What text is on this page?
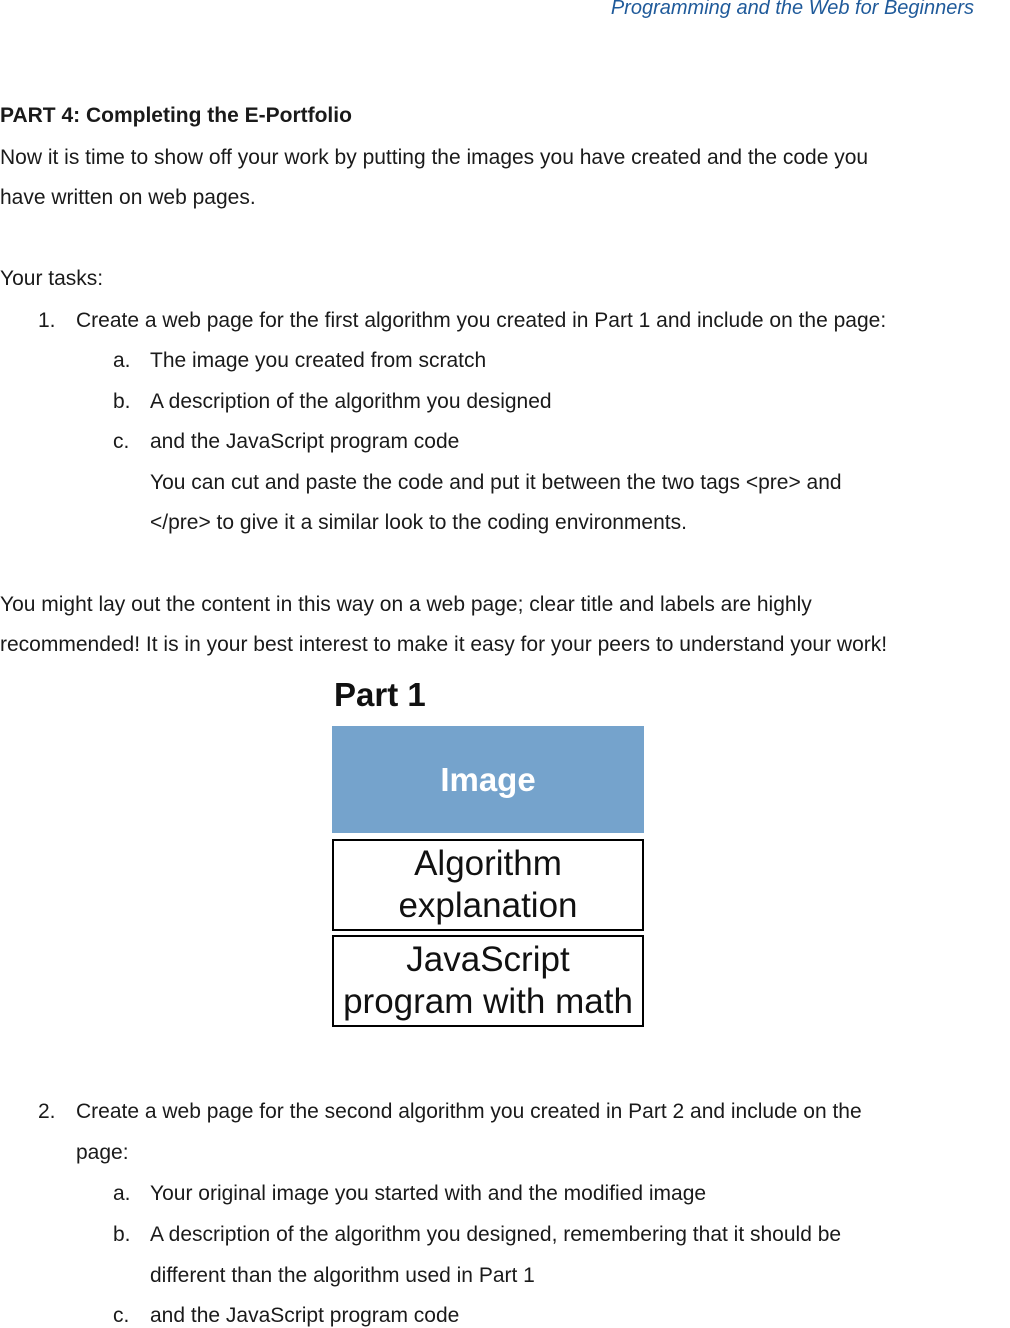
Programming and the Web for Beginners
PART 4: Completing the E-Portfolio
Now it is time to show off your work by putting the images you have created and the code you
have written on web pages.
Your tasks:
1. Create a web page for the first algorithm you created in Part 1 and include on the page:
a. The image you created from scratch
b. A description of the algorithm you designed
c. and the JavaScript program code
You can cut and paste the code and put it between the two tags <pre> and
</pre> to give it a similar look to the coding environments.
You might lay out the content in this way on a web page; clear title and labels are highly
recommended! It is in your best interest to make it easy for your peers to understand your work!
Part 1
Image
Algorithm
explanation
JavaScript
program with math
2. Create a web page for the second algorithm you created in Part 2 and include on the
page:
a. Your original image you started with and the modified image
b. A description of the algorithm you designed, remembering that it should be
different than the algorithm used in Part 1
c. and the JavaScript program code
